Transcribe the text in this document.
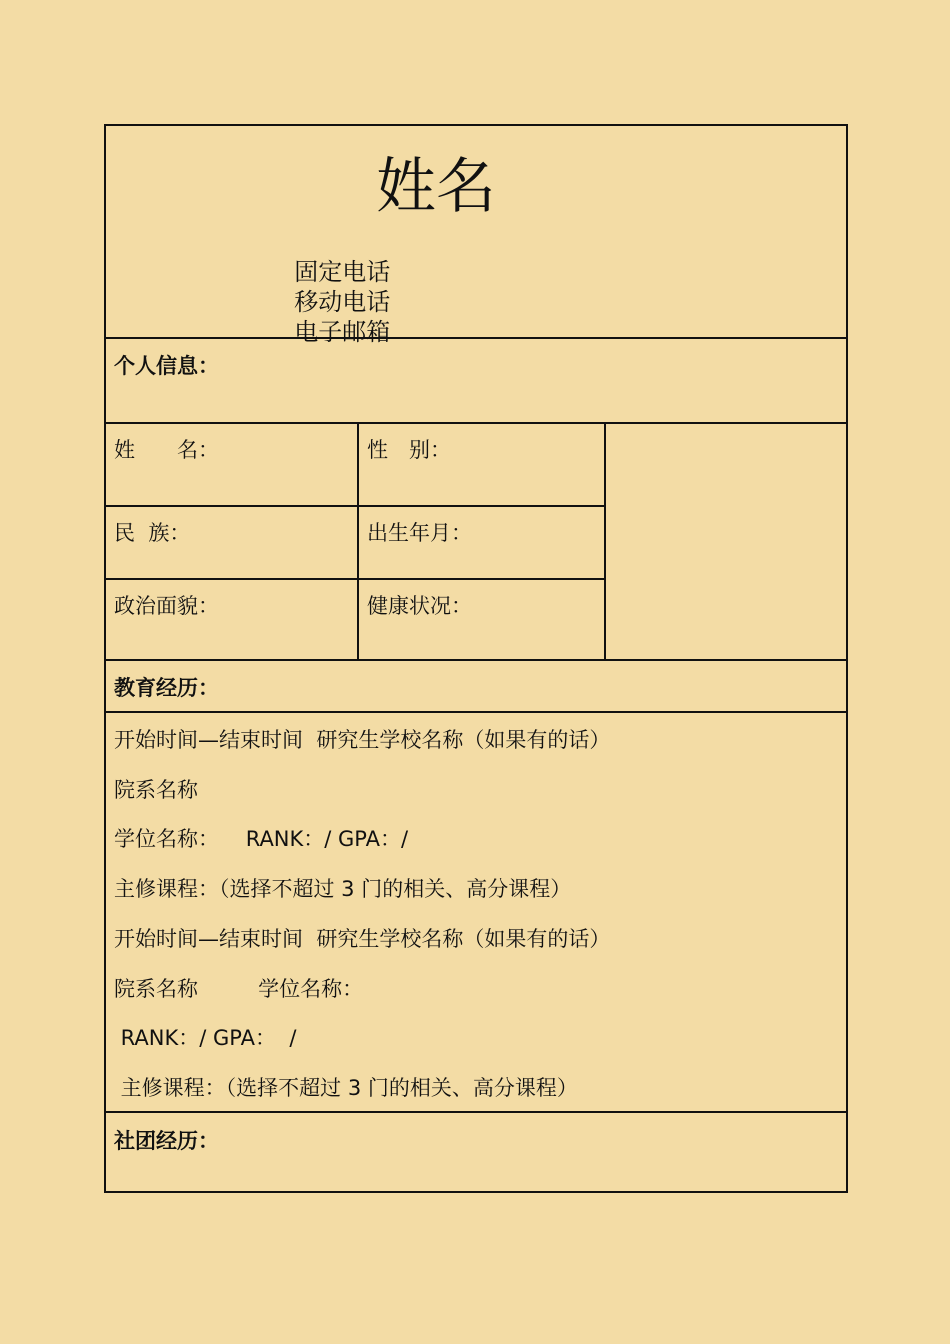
姓名

固定电话
移动电话
电子邮箱

个人信息：
教育经历：
社团经历：
姓　　名：	性　别：
民  族：	出生年月：
政治面貌：	健康状况：
开始时间—结束时间  研究生学校名称（如果有的话）
院系名称
学位名称：    RANK：/ GPA：/
主修课程：（选择不超过 3 门的相关、高分课程）
开始时间—结束时间  研究生学校名称（如果有的话）
院系名称         学位名称：
RANK：/ GPA：  /
主修课程：（选择不超过 3 门的相关、高分课程）
